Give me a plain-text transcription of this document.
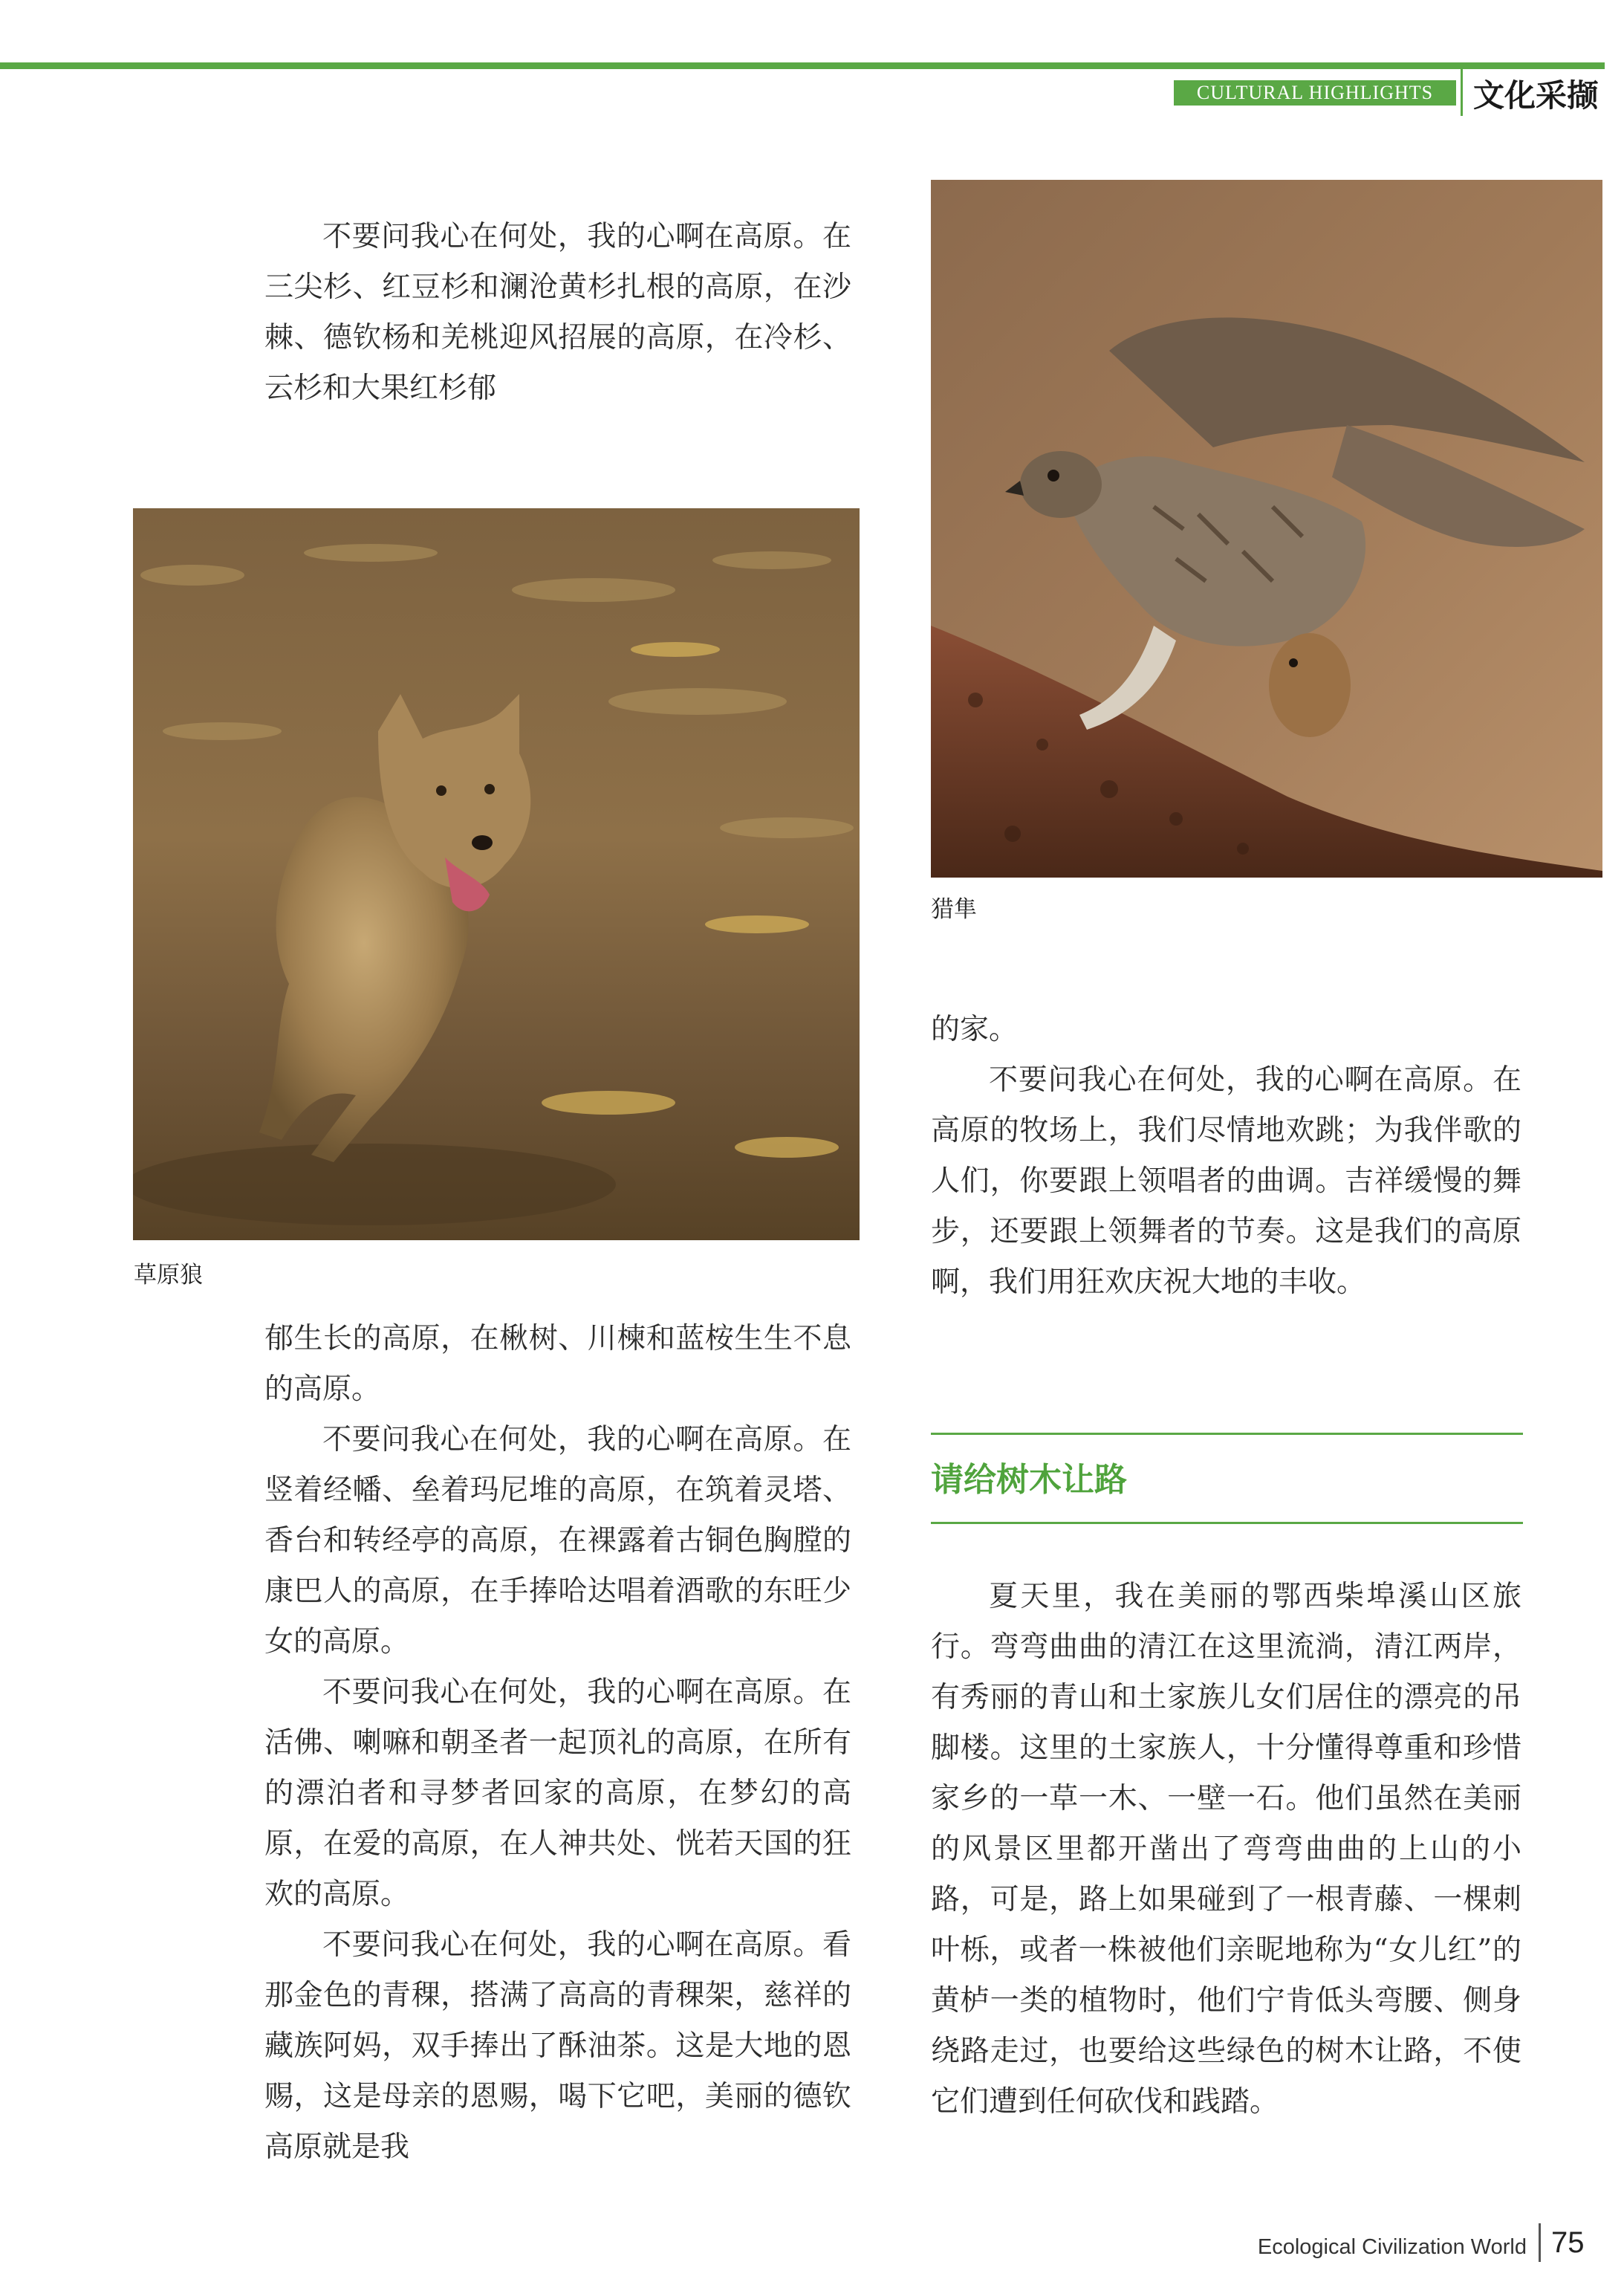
CULTURAL HIGHLIGHTS	文化采撷

不要问我心在何处，我的心啊在高原。在三尖杉、红豆杉和澜沧黄杉扎根的高原，在沙棘、德钦杨和羌桃迎风招展的高原，在冷杉、云杉和大果红杉郁

草原狼

郁生长的高原，在楸树、川楝和蓝桉生生不息的高原。

不要问我心在何处，我的心啊在高原。在竖着经幡、垒着玛尼堆的高原，在筑着灵塔、香台和转经亭的高原，在裸露着古铜色胸膛的康巴人的高原，在手捧哈达唱着酒歌的东旺少女的高原。

不要问我心在何处，我的心啊在高原。在活佛、喇嘛和朝圣者一起顶礼的高原，在所有的漂泊者和寻梦者回家的高原，在梦幻的高原，在爱的高原，在人神共处、恍若天国的狂欢的高原。

不要问我心在何处，我的心啊在高原。看那金色的青稞，搭满了高高的青稞架，慈祥的藏族阿妈，双手捧出了酥油茶。这是大地的恩赐，这是母亲的恩赐，喝下它吧，美丽的德钦高原就是我

猎隼

的家。

不要问我心在何处，我的心啊在高原。在高原的牧场上，我们尽情地欢跳；为我伴歌的人们，你要跟上领唱者的曲调。吉祥缓慢的舞步，还要跟上领舞者的节奏。这是我们的高原啊，我们用狂欢庆祝大地的丰收。

请给树木让路

夏天里，我在美丽的鄂西柴埠溪山区旅行。弯弯曲曲的清江在这里流淌，清江两岸，有秀丽的青山和土家族儿女们居住的漂亮的吊脚楼。这里的土家族人，十分懂得尊重和珍惜家乡的一草一木、一壁一石。他们虽然在美丽的风景区里都开凿出了弯弯曲曲的上山的小路，可是，路上如果碰到了一根青藤、一棵刺叶栎，或者一株被他们亲昵地称为“女儿红”的黄栌一类的植物时，他们宁肯低头弯腰、侧身绕路走过，也要给这些绿色的树木让路，不使它们遭到任何砍伐和践踏。

Ecological Civilization World 75
